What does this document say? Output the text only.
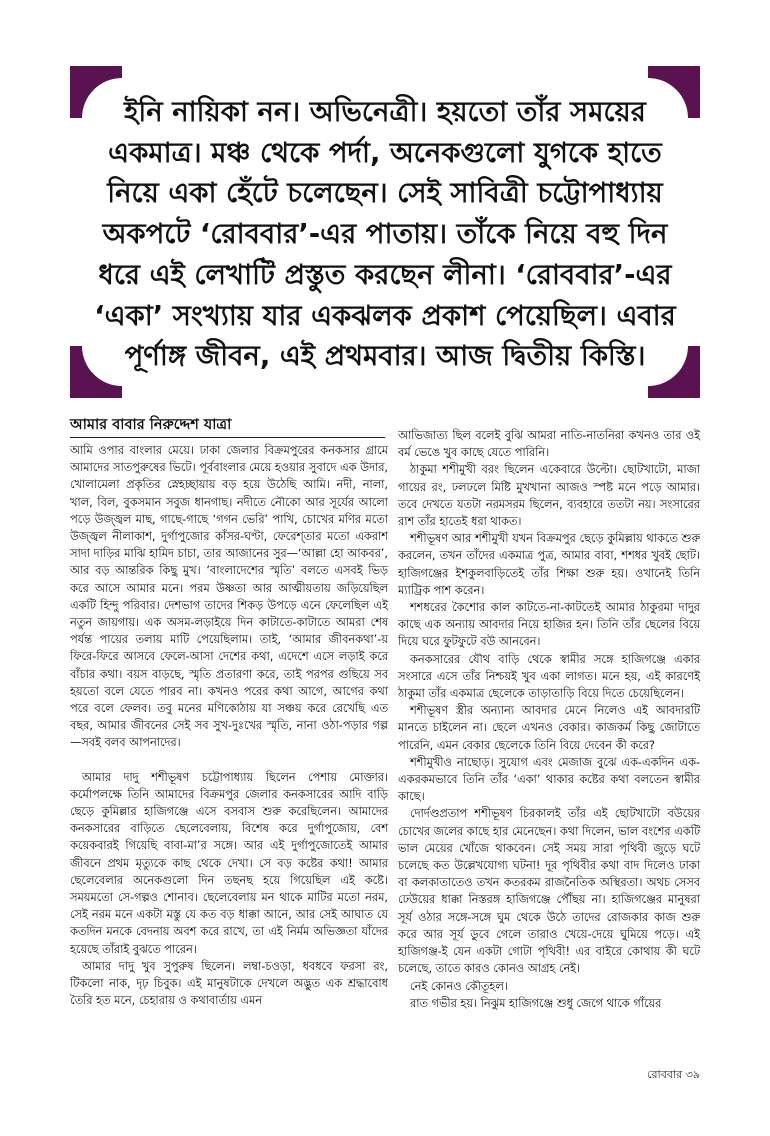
ইনি নায়িকা নন। অভিনেত্রী। হয়তো তাঁর সময়ের একমাত্র। মঞ্চ থেকে পর্দা, অনেকগুলো যুগকে হাতে নিয়ে একা হেঁটে চলেছেন। সেই সাবিত্রী চট্টোপাধ্যায় অকপটে ‘রোববার’-এর পাতায়। তাঁকে নিয়ে বহু দিন ধরে এই লেখাটি প্রস্তুত করছেন লীনা। ‘রোববার’-এর ‘একা’ সংখ্যায় যার একঝলক প্রকাশ পেয়েছিল। এবার পূর্ণাঙ্গ জীবন, এই প্রথমবার। আজ দ্বিতীয় কিস্তি।

আমার বাবার নিরুদ্দেশ যাত্রা

আমি ওপার বাংলার মেয়ে। ঢাকা জেলার বিক্রমপুরের কনকসার গ্রামে আমাদের সাতপুরুষের ভিটে। পূর্ববাংলার মেয়ে হওয়ার সুবাদে এক উদার, খোলামেলা প্রকৃতির স্নেহচ্ছায়ায় বড় হয়ে উঠেছি আমি। নদী, নালা, খাল, বিল, বুকসমান সবুজ ধানগাছ। নদীতে নৌকো আর সূর্যের আলো পড়ে উজ্জ্বল মাছ, গাছে-গাছে ‘গগন ভেরি’ পাখি, চোখের মণির মতো উজ্জ্বল নীলাকাশ, দুর্গাপুজোর কাঁসর-ঘণ্টা, ফেরেশ্‌তার মতো একরাশ সাদা দাড়ির মাঝি হামিদ চাচা, তার আজানের সুর—‘আল্লা হো আকবর’, আর বড় আন্তরিক কিছু মুখ। ‘বাংলাদেশের স্মৃতি’ বলতে এসবই ভিড় করে আসে আমার মনে। পরম উষ্ণতা আর আত্মীয়তায় জড়িয়েছিল একটি হিন্দু পরিবার। দেশভাগ তাদের শিকড় উপড়ে এনে ফেলেছিল এই নতুন জায়গায়। এক অসম-লড়াইয়ে দিন কাটাতে-কাটাতে আমরা শেষ পর্যন্ত পায়ের তলায় মাটি পেয়েছিলাম। তাই, ‘আমার জীবনকথা’-য় ফিরে-ফিরে আসবে ফেলে-আসা দেশের কথা, এদেশে এসে লড়াই করে বাঁচার কথা। বয়স বাড়ছে, স্মৃতি প্রতারণা করে, তাই পরপর গুছিয়ে সব হয়তো বলে যেতে পারব না। কখনও পরের কথা আগে, আগের কথা পরে বলে ফেলব। তবু মনের মণিকোঠায় যা সঞ্চয় করে রেখেছি এত বছর, আমার জীবনের সেই সব সুখ-দুঃখের স্মৃতি, নানা ওঠা-পড়ার গল্প—সবই বলব আপনাদের।

আমার দাদু শশীভূষণ চট্টোপাধ্যায় ছিলেন পেশায় মোক্তার। কর্মোপলক্ষে তিনি আমাদের বিক্রমপুর জেলার কনকসারের আদি বাড়ি ছেড়ে কুমিল্লার হাজিগঞ্জে এসে বসবাস শুরু করেছিলেন। আমাদের কনকসারের বাড়িতে ছেলেবেলায়, বিশেষ করে দুর্গাপুজোয়, বেশ কয়েকবারই গিয়েছি বাবা-মা’র সঙ্গে। আর এই দুর্গাপুজোতেই আমার জীবনে প্রথম মৃত্যুকে কাছ থেকে দেখা। সে বড় কষ্টের কথা! আমার ছেলেবেলার অনেকগুলো দিন তছনছ হয়ে গিয়েছিল এই কষ্টে। সময়মতো সে-গল্পও শোনাব। ছেলেবেলায় মন থাকে মাটির মতো নরম, সেই নরম মনে একটা মস্তু যে কত বড় ধাক্কা আনে, আর সেই আঘাত যে কতদিন মনকে বেদনায় অবশ করে রাখে, তা এই নির্মম অভিজ্ঞতা যাঁদের হয়েছে তাঁরাই বুঝতে পারেন।

আমার দাদু খুব সুপুরুষ ছিলেন। লম্বা-চওড়া, ধবধবে ফরসা রং, টিকলো নাক, দৃঢ় চিবুক। এই মানুষটাকে দেখলে অদ্ভুত এক শ্রদ্ধাবোধ তৈরি হত মনে, চেহারায় ও কথাবার্তায় এমন

আভিজাত্য ছিল বলেই বুঝি আমরা নাতি-নাতনিরা কখনও তার ওই বর্ম ভেঙে খুব কাছে যেতে পারিনি।

ঠাকুমা শশীমুখী বরং ছিলেন একেবারে উল্টো। ছোটখাটো, মাজা গায়ের রং, ঢলঢলে মিষ্টি মুখখানা আজও স্পষ্ট মনে পড়ে আমার। তবে দেখতে যতটা নরমসরম ছিলেন, ব্যবহারে ততটা নয়। সংসারের রাশ তাঁর হাতেই ধরা থাকত।

শশীভূষণ আর শশীমুখী যখন বিক্রমপুর ছেড়ে কুমিল্লায় থাকতে শুরু করলেন, তখন তাঁদের একমাত্র পুত্র, আমার বাবা, শশধর খুবই ছোট। হাজিগঞ্জের ইশকুলবাড়িতেই তাঁর শিক্ষা শুরু হয়। ওখানেই তিনি ম্যাট্রিক পাশ করেন।

শশধরের কৈশোর কাল কাটতে-না-কাটতেই আমার ঠাকুরমা দাদুর কাছে এক অন্যায় আবদার নিয়ে হাজির হন। তিনি তাঁর ছেলের বিয়ে দিয়ে ঘরে ফুটফুটে বউ আনবেন।

কনকসারের যৌথ বাড়ি থেকে স্বামীর সঙ্গে হাজিগঞ্জে একার সংসারে এসে তাঁর নিশ্চয়ই খুব একা লাগত। মনে হয়, এই কারণেই ঠাকুমা তাঁর একমাত্র ছেলেকে তাড়াতাড়ি বিয়ে দিতে চেয়েছিলেন।

শশীভূষণ স্ত্রীর অন্যান্য আবদার মেনে নিলেও এই আবদারটি মানতে চাইলেন না। ছেলে এখনও বেকার। কাজকর্ম কিছু জোটাতে পারেনি, এমন বেকার ছেলেকে তিনি বিয়ে দেবেন কী করে?

শশীমুখীও নাছোড়। সুযোগ এবং মেজাজ বুঝে এক-একদিন এক-একরকমভাবে তিনি তাঁর ‘একা’ থাকার কষ্টের কথা বলতেন স্বামীর কাছে।

দোর্দণ্ডপ্রতাপ শশীভূষণ চিরকালই তাঁর এই ছোটখাটো বউয়ের চোখের জলের কাছে হার মেনেছেন। কথা দিলেন, ভাল বংশের একটি ভাল মেয়ের খোঁজে থাকবেন। সেই সময় সারা পৃথিবী জুড়ে ঘটে চলেছে কত উল্লেখযোগ্য ঘটনা! দূর পৃথিবীর কথা বাদ দিলেও ঢাকা বা কলকাতাতেও তখন কতরকম রাজনৈতিক অস্থিরতা। অথচ সেসব ঢেউয়ের ধাক্কা নিস্তরঙ্গ হাজিগঞ্জে পৌঁছয় না। হাজিগঞ্জের মানুষরা সূর্য ওঠার সঙ্গে-সঙ্গে ঘুম থেকে উঠে তাদের রোজকার কাজ শুরু করে আর সূর্য ডুবে গেলে তারাও খেয়ে-দেয়ে ঘুমিয়ে পড়ে। এই হাজিগঞ্জ-ই যেন একটা গোটা পৃথিবী! এর বাইরে কোথায় কী ঘটে চলেছে, তাতে কারও কোনও আগ্রহ নেই।

নেই কোনও কৌতূহল।

রাত গভীর হয়। নিঝুম হাজিগঞ্জে শুধু জেগে থাকে গাঁয়ের

রোববার ৩৯
